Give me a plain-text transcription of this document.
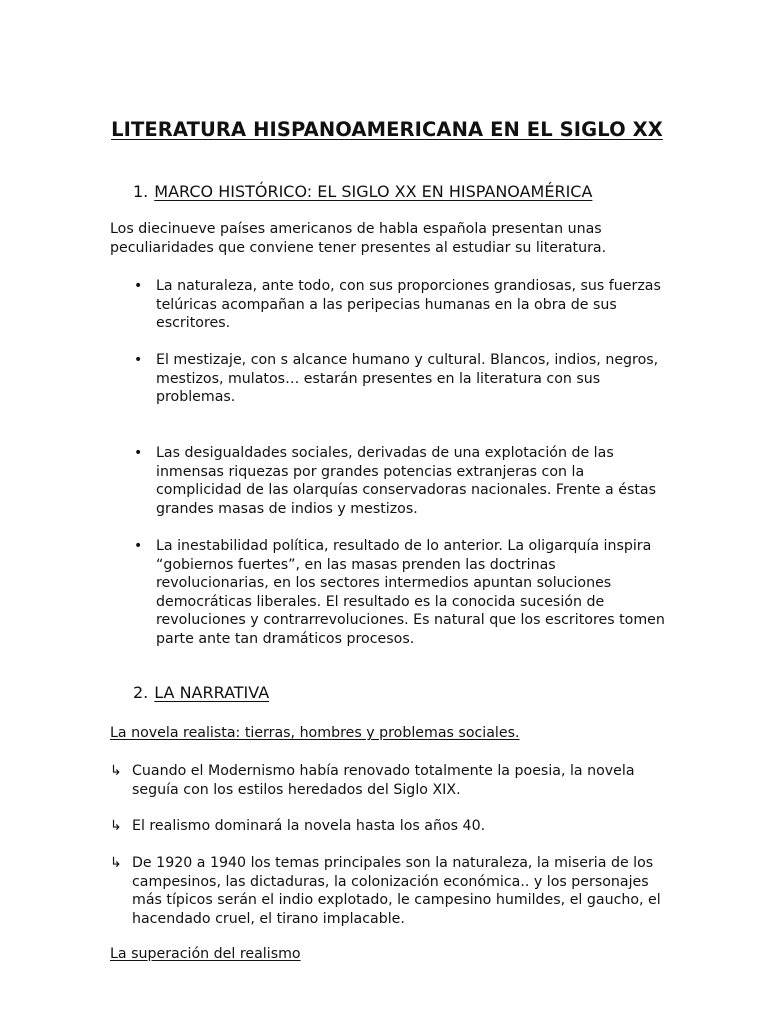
LITERATURA HISPANOAMERICANA EN EL SIGLO XX
1. MARCO HISTÓRICO: EL SIGLO XX EN HISPANOAMÉRICA

Los diecinueve países americanos de habla española presentan unas peculiaridades que conviene tener presentes al estudiar su literatura.

• La naturaleza, ante todo, con sus proporciones grandiosas, sus fuerzas telúricas acompañan a las peripecias humanas en la obra de sus escritores.

• El mestizaje, con s alcance humano y cultural. Blancos, indios, negros, mestizos, mulatos… estarán presentes en la literatura con sus problemas.

• Las desigualdades sociales, derivadas de una explotación de las inmensas riquezas por grandes potencias extranjeras con la complicidad de las olarquías conservadoras nacionales. Frente a éstas grandes masas de indios y mestizos.

• La inestabilidad política, resultado de lo anterior. La oligarquía inspira “gobiernos fuertes”, en las masas prenden las doctrinas revolucionarias, en los sectores intermedios apuntan soluciones democráticas liberales. El resultado es la conocida sucesión de revoluciones y contrarrevoluciones. Es natural que los escritores tomen parte ante tan dramáticos procesos.

2. LA NARRATIVA

La novela realista: tierras, hombres y problemas sociales.

↳ Cuando el Modernismo había renovado totalmente la poesia, la novela seguía con los estilos heredados del Siglo XIX.

↳ El realismo dominará la novela hasta los años 40.

↳ De 1920 a 1940 los temas principales son la naturaleza, la miseria de los campesinos, las dictaduras, la colonización económica.. y los personajes más típicos serán el indio explotado, le campesino humildes, el gaucho, el hacendado cruel, el tirano implacable.

La superación del realismo
